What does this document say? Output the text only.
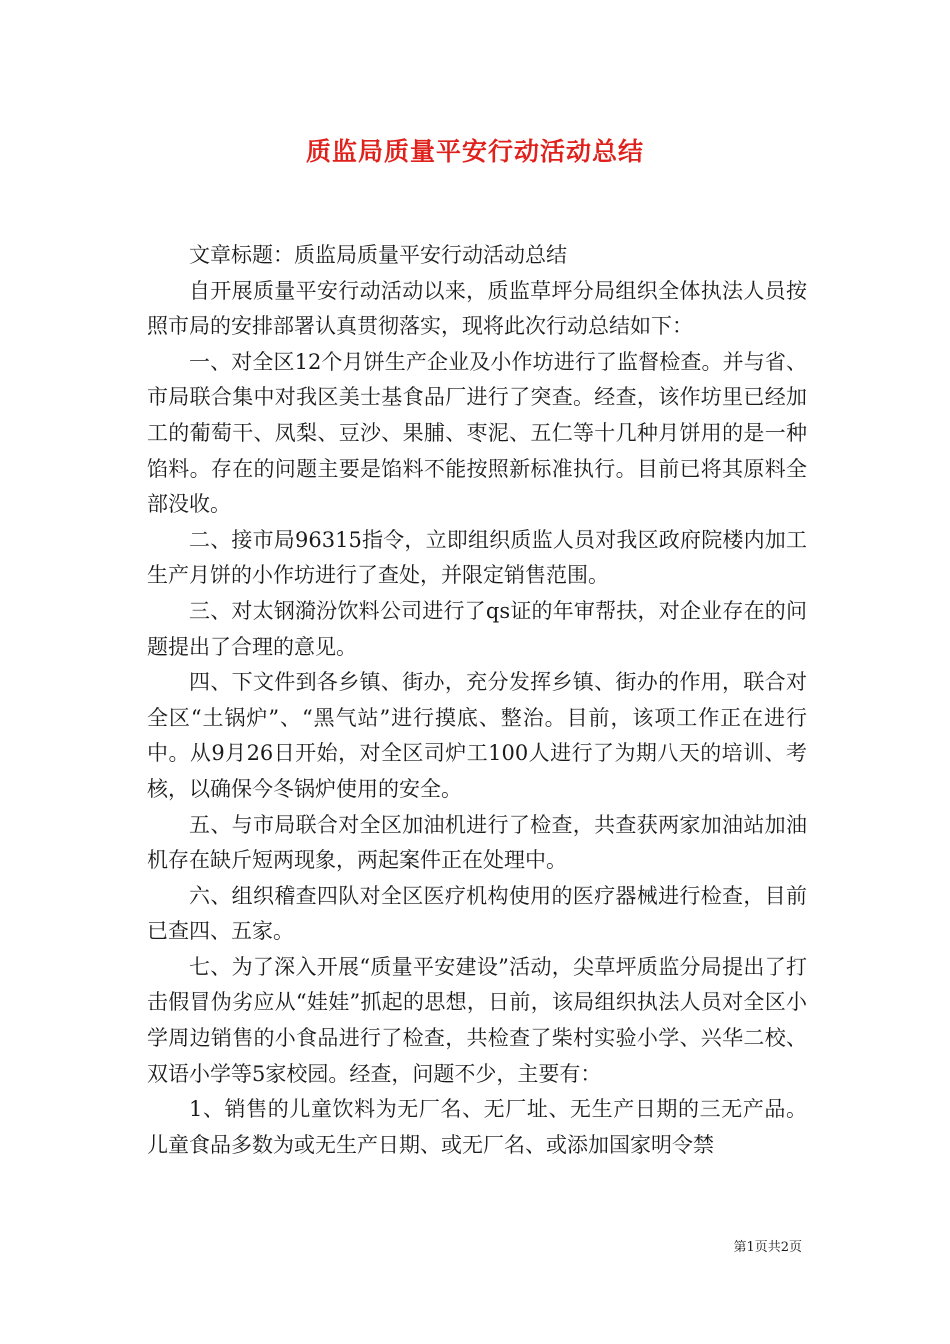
质监局质量平安行动活动总结

文章标题：质监局质量平安行动活动总结

自开展质量平安行动活动以来，质监草坪分局组织全体执法人员按照市局的安排部署认真贯彻落实，现将此次行动总结如下：

一、对全区12个月饼生产企业及小作坊进行了监督检查。并与省、市局联合集中对我区美士基食品厂进行了突查。经查，该作坊里已经加工的葡萄干、凤梨、豆沙、果脯、枣泥、五仁等十几种月饼用的是一种馅料。存在的问题主要是馅料不能按照新标准执行。目前已将其原料全部没收。

二、接市局96315指令，立即组织质监人员对我区政府院楼内加工生产月饼的小作坊进行了查处，并限定销售范围。

三、对太钢漪汾饮料公司进行了qs证的年审帮扶，对企业存在的问题提出了合理的意见。

四、下文件到各乡镇、街办，充分发挥乡镇、街办的作用，联合对全区“土锅炉”、“黑气站”进行摸底、整治。目前，该项工作正在进行中。从9月26日开始，对全区司炉工100人进行了为期八天的培训、考核，以确保今冬锅炉使用的安全。

五、与市局联合对全区加油机进行了检查，共查获两家加油站加油机存在缺斤短两现象，两起案件正在处理中。

六、组织稽查四队对全区医疗机构使用的医疗器械进行检查，目前已查四、五家。

七、为了深入开展“质量平安建设”活动，尖草坪质监分局提出了打击假冒伪劣应从“娃娃”抓起的思想，日前，该局组织执法人员对全区小学周边销售的小食品进行了检查，共检查了柴村实验小学、兴华二校、双语小学等5家校园。经查，问题不少，主要有：

1、销售的儿童饮料为无厂名、无厂址、无生产日期的三无产品。儿童食品多数为或无生产日期、或无厂名、或添加国家明令禁

第1页共2页
